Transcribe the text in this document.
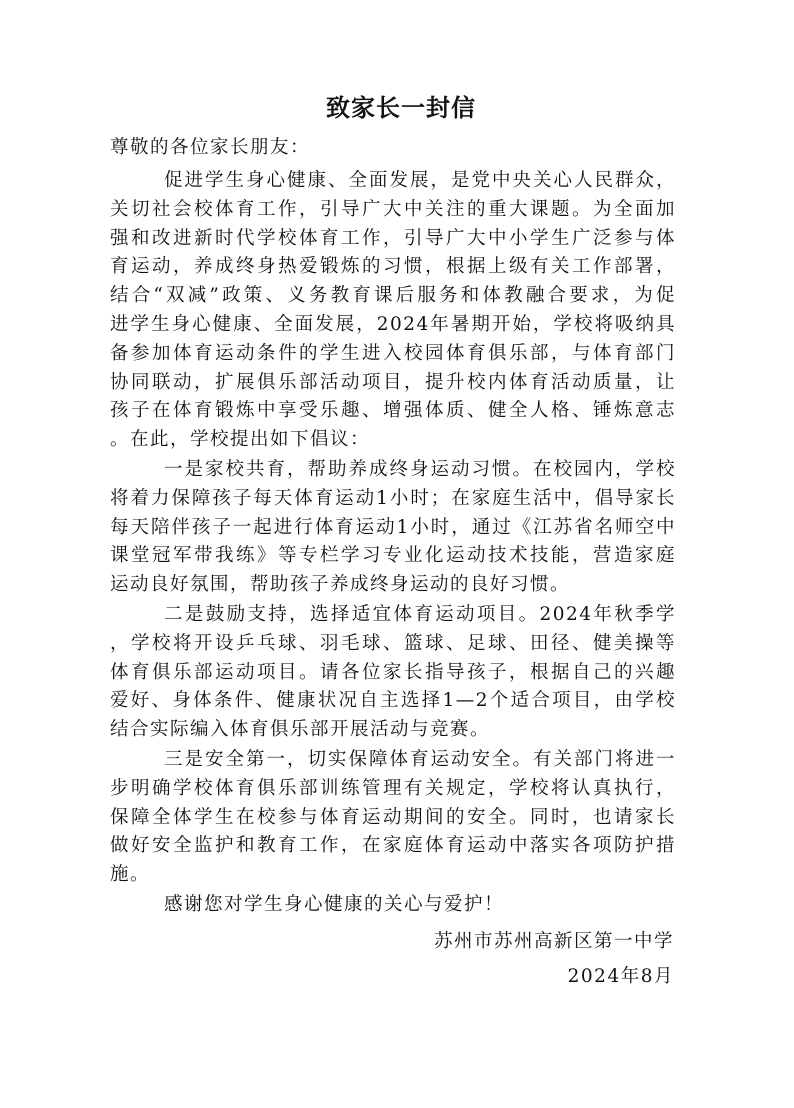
致家长一封信
尊敬的各位家长朋友：
促进学生身心健康、全面发展，是党中央关心人民群众，
关切社会校体育工作，引导广大中关注的重大课题。为全面加
强和改进新时代学校体育工作，引导广大中小学生广泛参与体
育运动，养成终身热爱锻炼的习惯，根据上级有关工作部署，
结合“双减”政策、义务教育课后服务和体教融合要求，为促
进学生身心健康、全面发展，2024年暑期开始，学校将吸纳具
备参加体育运动条件的学生进入校园体育俱乐部，与体育部门
协同联动，扩展俱乐部活动项目，提升校内体育活动质量，让
孩子在体育锻炼中享受乐趣、增强体质、健全人格、锤炼意志
。在此，学校提出如下倡议：
一是家校共育，帮助养成终身运动习惯。在校园内，学校
将着力保障孩子每天体育运动1小时；在家庭生活中，倡导家长
每天陪伴孩子一起进行体育运动1小时，通过《江苏省名师空中
课堂冠军带我练》等专栏学习专业化运动技术技能，营造家庭
运动良好氛围，帮助孩子养成终身运动的良好习惯。
二是鼓励支持，选择适宜体育运动项目。2024年秋季学
，学校将开设乒乓球、羽毛球、篮球、足球、田径、健美操等
体育俱乐部运动项目。请各位家长指导孩子，根据自己的兴趣
爱好、身体条件、健康状况自主选择1—2个适合项目，由学校
结合实际编入体育俱乐部开展活动与竞赛。
三是安全第一，切实保障体育运动安全。有关部门将进一
步明确学校体育俱乐部训练管理有关规定，学校将认真执行，
保障全体学生在校参与体育运动期间的安全。同时，也请家长
做好安全监护和教育工作，在家庭体育运动中落实各项防护措
施。
感谢您对学生身心健康的关心与爱护！
苏州市苏州高新区第一中学
2024年8月
